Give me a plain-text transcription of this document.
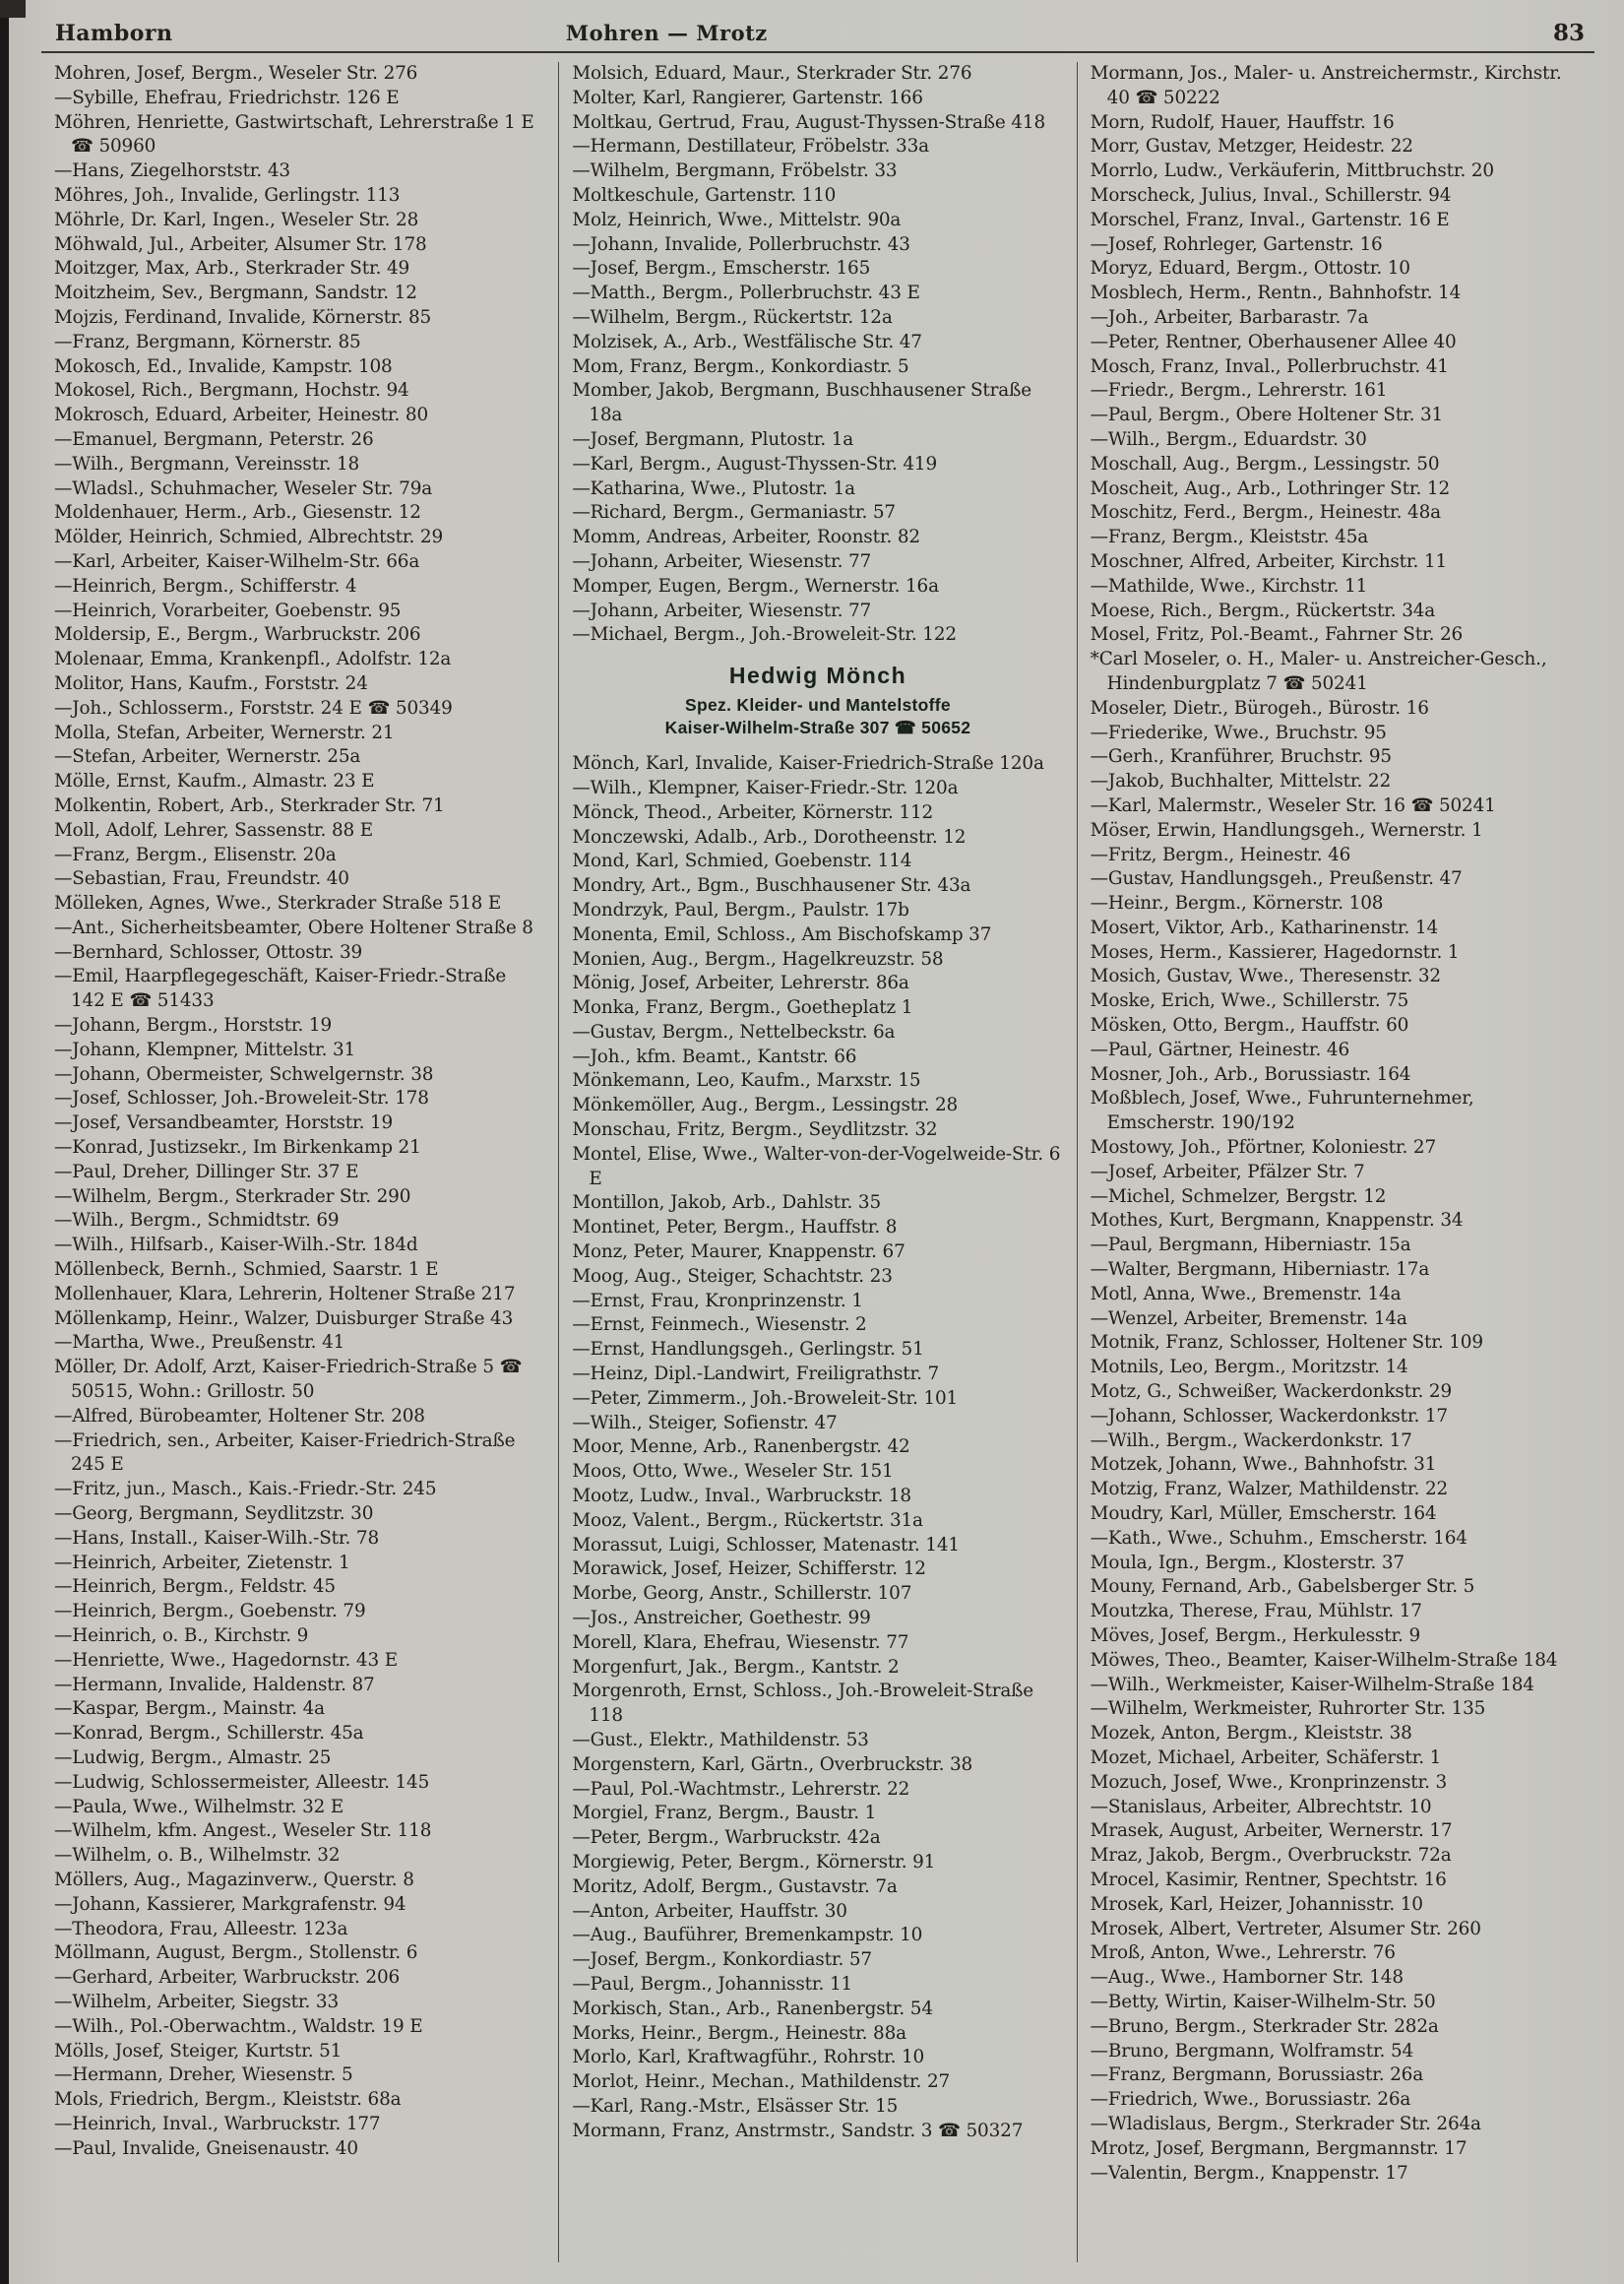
Hamborn	Mohren — Mrotz	83

Mohren, Josef, Bergm., Weseler Str. 276

—Sybille, Ehefrau, Friedrichstr. 126 E

Möhren, Henriette, Gastwirtschaft, Lehrerstraße 1 E ☎ 50960

—Hans, Ziegelhorststr. 43

Möhres, Joh., Invalide, Gerlingstr. 113

Möhrle, Dr. Karl, Ingen., Weseler Str. 28

Möhwald, Jul., Arbeiter, Alsumer Str. 178

Moitzger, Max, Arb., Sterkrader Str. 49

Moitzheim, Sev., Bergmann, Sandstr. 12

Mojzis, Ferdinand, Invalide, Körnerstr. 85

—Franz, Bergmann, Körnerstr. 85

Mokosch, Ed., Invalide, Kampstr. 108

Mokosel, Rich., Bergmann, Hochstr. 94

Mokrosch, Eduard, Arbeiter, Heinestr. 80

—Emanuel, Bergmann, Peterstr. 26

—Wilh., Bergmann, Vereinsstr. 18

—Wladsl., Schuhmacher, Weseler Str. 79a

Moldenhauer, Herm., Arb., Giesenstr. 12

Mölder, Heinrich, Schmied, Albrechtstr. 29

—Karl, Arbeiter, Kaiser-Wilhelm-Str. 66a

—Heinrich, Bergm., Schifferstr. 4

—Heinrich, Vorarbeiter, Goebenstr. 95

Moldersip, E., Bergm., Warbruckstr. 206

Molenaar, Emma, Krankenpfl., Adolfstr. 12a

Molitor, Hans, Kaufm., Forststr. 24

—Joh., Schlosserm., Forststr. 24 E ☎ 50349

Molla, Stefan, Arbeiter, Wernerstr. 21

—Stefan, Arbeiter, Wernerstr. 25a

Mölle, Ernst, Kaufm., Almastr. 23 E

Molkentin, Robert, Arb., Sterkrader Str. 71

Moll, Adolf, Lehrer, Sassenstr. 88 E

—Franz, Bergm., Elisenstr. 20a

—Sebastian, Frau, Freundstr. 40

Mölleken, Agnes, Wwe., Sterkrader Straße 518 E

—Ant., Sicherheitsbeamter, Obere Holtener Straße 8

—Bernhard, Schlosser, Ottostr. 39

—Emil, Haarpflegegeschäft, Kaiser-Friedr.-Straße 142 E ☎ 51433

—Johann, Bergm., Horststr. 19

—Johann, Klempner, Mittelstr. 31

—Johann, Obermeister, Schwelgernstr. 38

—Josef, Schlosser, Joh.-Broweleit-Str. 178

—Josef, Versandbeamter, Horststr. 19

—Konrad, Justizsekr., Im Birkenkamp 21

—Paul, Dreher, Dillinger Str. 37 E

—Wilhelm, Bergm., Sterkrader Str. 290

—Wilh., Bergm., Schmidtstr. 69

—Wilh., Hilfsarb., Kaiser-Wilh.-Str. 184d

Möllenbeck, Bernh., Schmied, Saarstr. 1 E

Mollenhauer, Klara, Lehrerin, Holtener Straße 217

Möllenkamp, Heinr., Walzer, Duisburger Straße 43

—Martha, Wwe., Preußenstr. 41

Möller, Dr. Adolf, Arzt, Kaiser-Friedrich-Straße 5 ☎ 50515, Wohn.: Grillostr. 50

—Alfred, Bürobeamter, Holtener Str. 208

—Friedrich, sen., Arbeiter, Kaiser-Friedrich-Straße 245 E

—Fritz, jun., Masch., Kais.-Friedr.-Str. 245

—Georg, Bergmann, Seydlitzstr. 30

—Hans, Install., Kaiser-Wilh.-Str. 78

—Heinrich, Arbeiter, Zietenstr. 1

—Heinrich, Bergm., Feldstr. 45

—Heinrich, Bergm., Goebenstr. 79

—Heinrich, o. B., Kirchstr. 9

—Henriette, Wwe., Hagedornstr. 43 E

—Hermann, Invalide, Haldenstr. 87

—Kaspar, Bergm., Mainstr. 4a

—Konrad, Bergm., Schillerstr. 45a

—Ludwig, Bergm., Almastr. 25

—Ludwig, Schlossermeister, Alleestr. 145

—Paula, Wwe., Wilhelmstr. 32 E

—Wilhelm, kfm. Angest., Weseler Str. 118

—Wilhelm, o. B., Wilhelmstr. 32

Möllers, Aug., Magazinverw., Querstr. 8

—Johann, Kassierer, Markgrafenstr. 94

—Theodora, Frau, Alleestr. 123a

Möllmann, August, Bergm., Stollenstr. 6

—Gerhard, Arbeiter, Warbruckstr. 206

—Wilhelm, Arbeiter, Siegstr. 33

—Wilh., Pol.-Oberwachtm., Waldstr. 19 E

Mölls, Josef, Steiger, Kurtstr. 51

—Hermann, Dreher, Wiesenstr. 5

Mols, Friedrich, Bergm., Kleiststr. 68a

—Heinrich, Inval., Warbruckstr. 177

—Paul, Invalide, Gneisenaustr. 40

Molsich, Eduard, Maur., Sterkrader Str. 276

Molter, Karl, Rangierer, Gartenstr. 166

Moltkau, Gertrud, Frau, August-Thyssen-Straße 418

—Hermann, Destillateur, Fröbelstr. 33a

—Wilhelm, Bergmann, Fröbelstr. 33

Moltkeschule, Gartenstr. 110

Molz, Heinrich, Wwe., Mittelstr. 90a

—Johann, Invalide, Pollerbruchstr. 43

—Josef, Bergm., Emscherstr. 165

—Matth., Bergm., Pollerbruchstr. 43 E

—Wilhelm, Bergm., Rückertstr. 12a

Molzisek, A., Arb., Westfälische Str. 47

Mom, Franz, Bergm., Konkordiastr. 5

Momber, Jakob, Bergmann, Buschhausener Straße 18a

—Josef, Bergmann, Plutostr. 1a

—Karl, Bergm., August-Thyssen-Str. 419

—Katharina, Wwe., Plutostr. 1a

—Richard, Bergm., Germaniastr. 57

Momm, Andreas, Arbeiter, Roonstr. 82

—Johann, Arbeiter, Wiesenstr. 77

Momper, Eugen, Bergm., Wernerstr. 16a

—Johann, Arbeiter, Wiesenstr. 77

—Michael, Bergm., Joh.-Broweleit-Str. 122

Hedwig Mönch
Spez. Kleider- und Mantelstoffe
Kaiser-Wilhelm-Straße 307 ☎ 50652

Mönch, Karl, Invalide, Kaiser-Friedrich-Straße 120a

—Wilh., Klempner, Kaiser-Friedr.-Str. 120a

Mönck, Theod., Arbeiter, Körnerstr. 112

Monczewski, Adalb., Arb., Dorotheenstr. 12

Mond, Karl, Schmied, Goebenstr. 114

Mondry, Art., Bgm., Buschhausener Str. 43a

Mondrzyk, Paul, Bergm., Paulstr. 17b

Monenta, Emil, Schloss., Am Bischofskamp 37

Monien, Aug., Bergm., Hagelkreuzstr. 58

Mönig, Josef, Arbeiter, Lehrerstr. 86a

Monka, Franz, Bergm., Goetheplatz 1

—Gustav, Bergm., Nettelbeckstr. 6a

—Joh., kfm. Beamt., Kantstr. 66

Mönkemann, Leo, Kaufm., Marxstr. 15

Mönkemöller, Aug., Bergm., Lessingstr. 28

Monschau, Fritz, Bergm., Seydlitzstr. 32

Montel, Elise, Wwe., Walter-von-der-Vogelweide-Str. 6 E

Montillon, Jakob, Arb., Dahlstr. 35

Montinet, Peter, Bergm., Hauffstr. 8

Monz, Peter, Maurer, Knappenstr. 67

Moog, Aug., Steiger, Schachtstr. 23

—Ernst, Frau, Kronprinzenstr. 1

—Ernst, Feinmech., Wiesenstr. 2

—Ernst, Handlungsgeh., Gerlingstr. 51

—Heinz, Dipl.-Landwirt, Freiligrathstr. 7

—Peter, Zimmerm., Joh.-Broweleit-Str. 101

—Wilh., Steiger, Sofienstr. 47

Moor, Menne, Arb., Ranenbergstr. 42

Moos, Otto, Wwe., Weseler Str. 151

Mootz, Ludw., Inval., Warbruckstr. 18

Mooz, Valent., Bergm., Rückertstr. 31a

Morassut, Luigi, Schlosser, Matenastr. 141

Morawick, Josef, Heizer, Schifferstr. 12

Morbe, Georg, Anstr., Schillerstr. 107

—Jos., Anstreicher, Goethestr. 99

Morell, Klara, Ehefrau, Wiesenstr. 77

Morgenfurt, Jak., Bergm., Kantstr. 2

Morgenroth, Ernst, Schloss., Joh.-Broweleit-Straße 118

—Gust., Elektr., Mathildenstr. 53

Morgenstern, Karl, Gärtn., Overbruckstr. 38

—Paul, Pol.-Wachtmstr., Lehrerstr. 22

Morgiel, Franz, Bergm., Baustr. 1

—Peter, Bergm., Warbruckstr. 42a

Morgiewig, Peter, Bergm., Körnerstr. 91

Moritz, Adolf, Bergm., Gustavstr. 7a

—Anton, Arbeiter, Hauffstr. 30

—Aug., Bauführer, Bremenkampstr. 10

—Josef, Bergm., Konkordiastr. 57

—Paul, Bergm., Johannisstr. 11

Morkisch, Stan., Arb., Ranenbergstr. 54

Morks, Heinr., Bergm., Heinestr. 88a

Morlo, Karl, Kraftwagführ., Rohrstr. 10

Morlot, Heinr., Mechan., Mathildenstr. 27

—Karl, Rang.-Mstr., Elsässer Str. 15

Mormann, Franz, Anstrmstr., Sandstr. 3 ☎ 50327

Mormann, Jos., Maler- u. Anstreichermstr., Kirchstr. 40 ☎ 50222

Morn, Rudolf, Hauer, Hauffstr. 16

Morr, Gustav, Metzger, Heidestr. 22

Morrlo, Ludw., Verkäuferin, Mittbruchstr. 20

Morscheck, Julius, Inval., Schillerstr. 94

Morschel, Franz, Inval., Gartenstr. 16 E

—Josef, Rohrleger, Gartenstr. 16

Moryz, Eduard, Bergm., Ottostr. 10

Mosblech, Herm., Rentn., Bahnhofstr. 14

—Joh., Arbeiter, Barbarastr. 7a

—Peter, Rentner, Oberhausener Allee 40

Mosch, Franz, Inval., Pollerbruchstr. 41

—Friedr., Bergm., Lehrerstr. 161

—Paul, Bergm., Obere Holtener Str. 31

—Wilh., Bergm., Eduardstr. 30

Moschall, Aug., Bergm., Lessingstr. 50

Moscheit, Aug., Arb., Lothringer Str. 12

Moschitz, Ferd., Bergm., Heinestr. 48a

—Franz, Bergm., Kleiststr. 45a

Moschner, Alfred, Arbeiter, Kirchstr. 11

—Mathilde, Wwe., Kirchstr. 11

Moese, Rich., Bergm., Rückertstr. 34a

Mosel, Fritz, Pol.-Beamt., Fahrner Str. 26

*Carl Moseler, o. H., Maler- u. Anstreicher-Gesch., Hindenburgplatz 7 ☎ 50241

Moseler, Dietr., Bürogeh., Bürostr. 16

—Friederike, Wwe., Bruchstr. 95

—Gerh., Kranführer, Bruchstr. 95

—Jakob, Buchhalter, Mittelstr. 22

—Karl, Malermstr., Weseler Str. 16 ☎ 50241

Möser, Erwin, Handlungsgeh., Wernerstr. 1

—Fritz, Bergm., Heinestr. 46

—Gustav, Handlungsgeh., Preußenstr. 47

—Heinr., Bergm., Körnerstr. 108

Mosert, Viktor, Arb., Katharinenstr. 14

Moses, Herm., Kassierer, Hagedornstr. 1

Mosich, Gustav, Wwe., Theresenstr. 32

Moske, Erich, Wwe., Schillerstr. 75

Mösken, Otto, Bergm., Hauffstr. 60

—Paul, Gärtner, Heinestr. 46

Mosner, Joh., Arb., Borussiastr. 164

Moßblech, Josef, Wwe., Fuhrunternehmer, Emscherstr. 190/192

Mostowy, Joh., Pförtner, Koloniestr. 27

—Josef, Arbeiter, Pfälzer Str. 7

—Michel, Schmelzer, Bergstr. 12

Mothes, Kurt, Bergmann, Knappenstr. 34

—Paul, Bergmann, Hiberniastr. 15a

—Walter, Bergmann, Hiberniastr. 17a

Motl, Anna, Wwe., Bremenstr. 14a

—Wenzel, Arbeiter, Bremenstr. 14a

Motnik, Franz, Schlosser, Holtener Str. 109

Motnils, Leo, Bergm., Moritzstr. 14

Motz, G., Schweißer, Wackerdonkstr. 29

—Johann, Schlosser, Wackerdonkstr. 17

—Wilh., Bergm., Wackerdonkstr. 17

Motzek, Johann, Wwe., Bahnhofstr. 31

Motzig, Franz, Walzer, Mathildenstr. 22

Moudry, Karl, Müller, Emscherstr. 164

—Kath., Wwe., Schuhm., Emscherstr. 164

Moula, Ign., Bergm., Klosterstr. 37

Mouny, Fernand, Arb., Gabelsberger Str. 5

Moutzka, Therese, Frau, Mühlstr. 17

Möves, Josef, Bergm., Herkulesstr. 9

Möwes, Theo., Beamter, Kaiser-Wilhelm-Straße 184

—Wilh., Werkmeister, Kaiser-Wilhelm-Straße 184

—Wilhelm, Werkmeister, Ruhrorter Str. 135

Mozek, Anton, Bergm., Kleiststr. 38

Mozet, Michael, Arbeiter, Schäferstr. 1

Mozuch, Josef, Wwe., Kronprinzenstr. 3

—Stanislaus, Arbeiter, Albrechtstr. 10

Mrasek, August, Arbeiter, Wernerstr. 17

Mraz, Jakob, Bergm., Overbruckstr. 72a

Mrocel, Kasimir, Rentner, Spechtstr. 16

Mrosek, Karl, Heizer, Johannisstr. 10

Mrosek, Albert, Vertreter, Alsumer Str. 260

Mroß, Anton, Wwe., Lehrerstr. 76

—Aug., Wwe., Hamborner Str. 148

—Betty, Wirtin, Kaiser-Wilhelm-Str. 50

—Bruno, Bergm., Sterkrader Str. 282a

—Bruno, Bergmann, Wolframstr. 54

—Franz, Bergmann, Borussiastr. 26a

—Friedrich, Wwe., Borussiastr. 26a

—Wladislaus, Bergm., Sterkrader Str. 264a

Mrotz, Josef, Bergmann, Bergmannstr. 17

—Valentin, Bergm., Knappenstr. 17
